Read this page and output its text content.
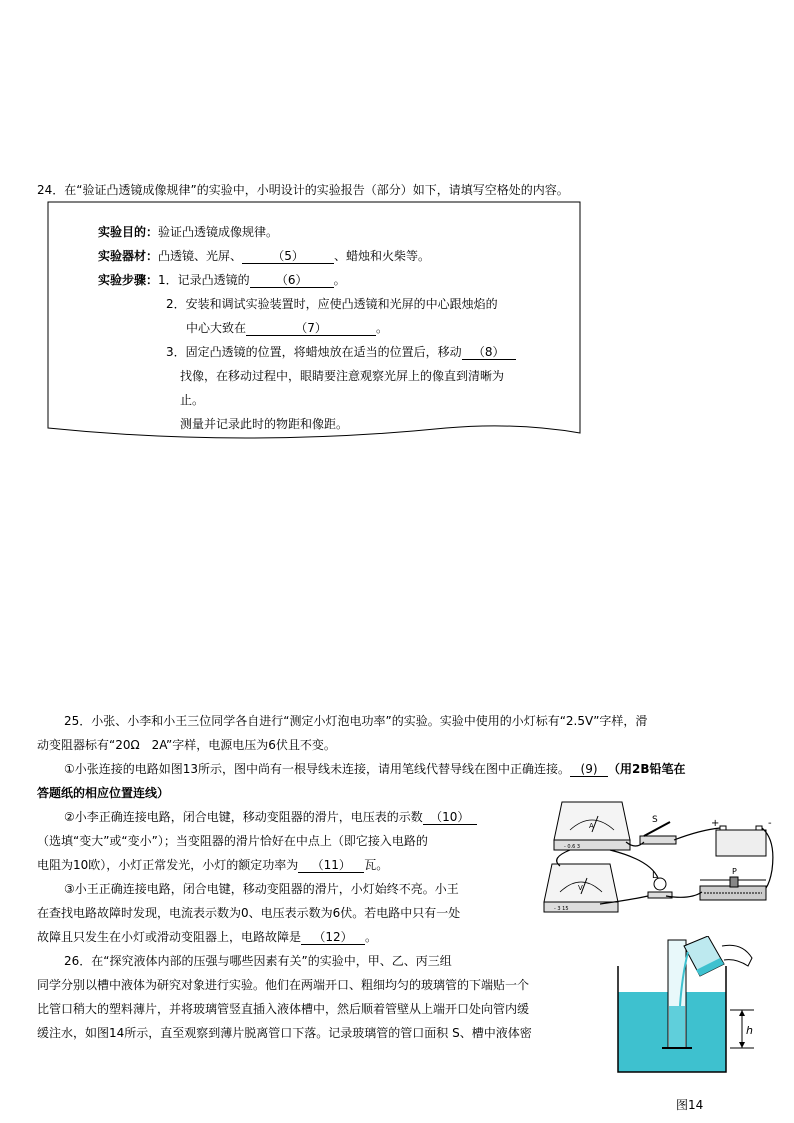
24．在“验证凸透镜成像规律”的实验中，小明设计的实验报告（部分）如下，请填写空格处的内容。
实验目的：验证凸透镜成像规律。
实验器材：凸透镜、光屏、	（5）	、蜡烛和火柴等。
实验步骤：1．记录凸透镜的 （6） 。
2．安装和调试实验装置时，应使凸透镜和光屏的中心跟烛焰的
中心大致在	（7）	。
3．固定凸透镜的位置，将蜡烛放在适当的位置后，移动 （8）
找像，在移动过程中，眼睛要注意观察光屏上的像直到清晰为
止。
测量并记录此时的物距和像距。
25．小张、小李和小王三位同学各自进行“测定小灯泡电功率”的实验。实验中使用的小灯标有“2.5V”字样，滑
动变阻器标有“20Ω　2A”字样，电源电压为6伏且不变。
①小张连接的电路如图13所示，图中尚有一根导线未连接，请用笔线代替导线在图中正确连接。 (9) （用2B铅笔在
答题纸的相应位置连线）
②小李正确连接电路，闭合电键，移动变阻器的滑片，电压表的示数 （10）
（选填“变大”或“变小”）；当变阻器的滑片恰好在中点上（即它接入电路的
电阻为10欧），小灯正常发光，小灯的额定功率为 （11） 瓦。
③小王正确连接电路，闭合电键，移动变阻器的滑片，小灯始终不亮。小王
在查找电路故障时发现，电流表示数为0、电压表示数为6伏。若电路中只有一处
故障且只发生在小灯或滑动变阻器上，电路故障是 （12） 。
A
- 0.6 3
V
- 3 15
S	+	-
L	P
26．在“探究液体内部的压强与哪些因素有关”的实验中，甲、乙、丙三组
同学分别以槽中液体为研究对象进行实验。他们在两端开口、粗细均匀的玻璃管的下端贴一个
比管口稍大的塑料薄片，并将玻璃管竖直插入液体槽中，然后顺着管壁从上端开口处向管内缓
缓注水，如图14所示，直至观察到薄片脱离管口下落。记录玻璃管的管口面积 S、槽中液体密	h
图14
